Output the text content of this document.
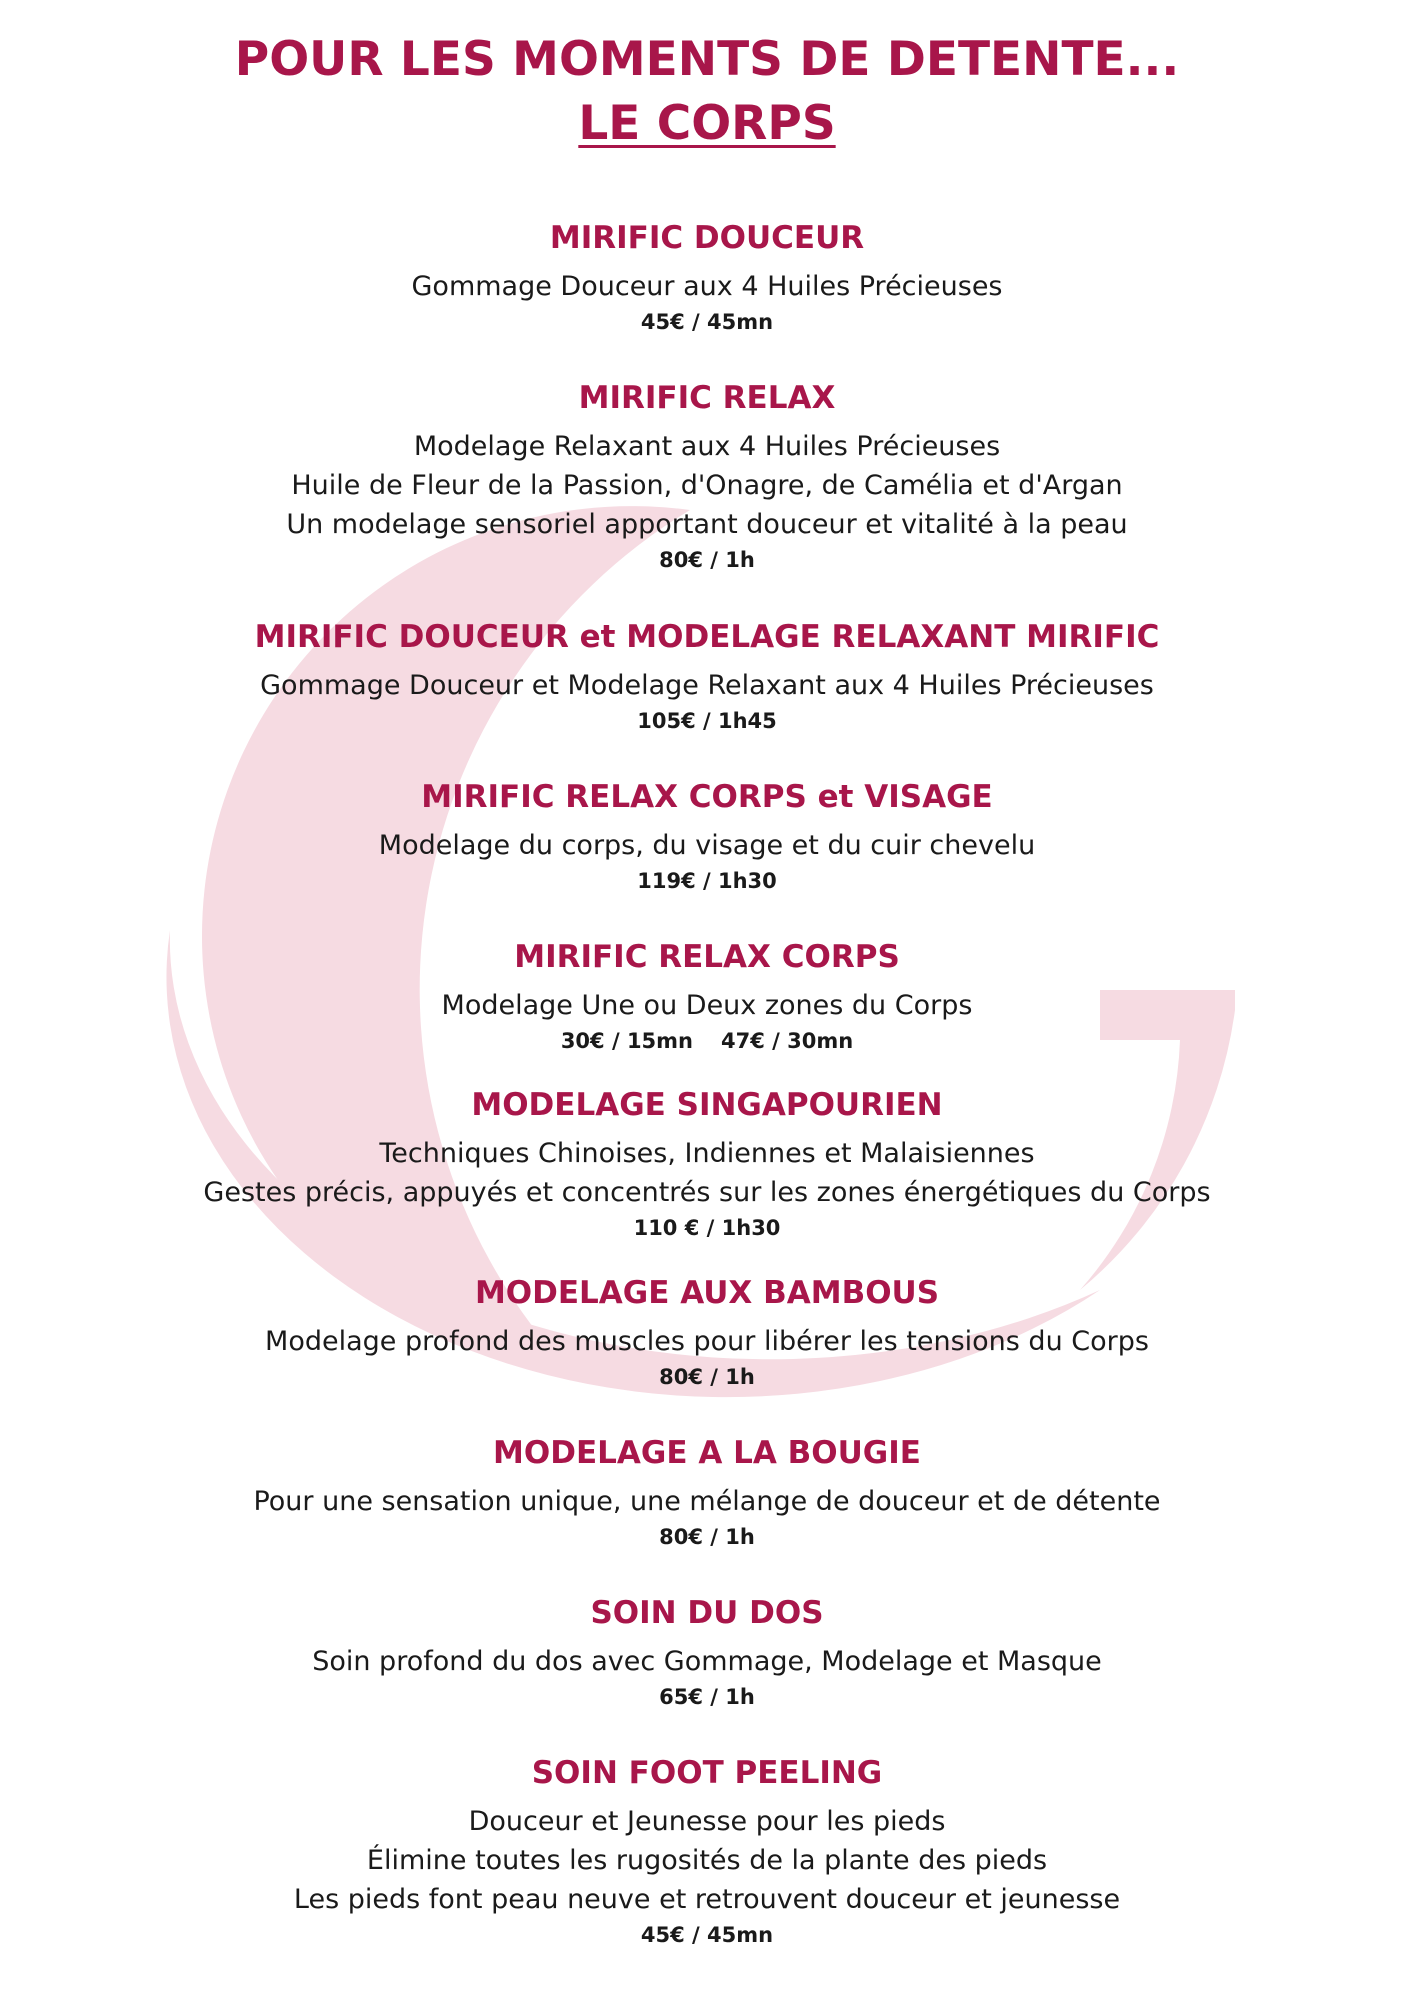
POUR LES MOMENTS DE DETENTE...
LE CORPS
MIRIFIC DOUCEUR
Gommage Douceur aux 4 Huiles Précieuses
45€ / 45mn
MIRIFIC RELAX
Modelage Relaxant aux 4 Huiles Précieuses
Huile de Fleur de la Passion, d'Onagre, de Camélia et d'Argan
Un modelage sensoriel apportant douceur et vitalité à la peau
80€ / 1h
MIRIFIC DOUCEUR et MODELAGE RELAXANT MIRIFIC
Gommage Douceur et Modelage Relaxant aux 4 Huiles Précieuses
105€ / 1h45
MIRIFIC RELAX CORPS et VISAGE
Modelage du corps, du visage et du cuir chevelu
119€ / 1h30
MIRIFIC RELAX CORPS
Modelage Une ou Deux zones du Corps
30€ / 15mn 47€ / 30mn
MODELAGE SINGAPOURIEN
Techniques Chinoises, Indiennes et Malaisiennes
Gestes précis, appuyés et concentrés sur les zones énergétiques du Corps
110 € / 1h30
MODELAGE AUX BAMBOUS
Modelage profond des muscles pour libérer les tensions du Corps
80€ / 1h
MODELAGE A LA BOUGIE
Pour une sensation unique, une mélange de douceur et de détente
80€ / 1h
SOIN DU DOS
Soin profond du dos avec Gommage, Modelage et Masque
65€ / 1h
SOIN FOOT PEELING
Douceur et Jeunesse pour les pieds
Élimine toutes les rugosités de la plante des pieds
Les pieds font peau neuve et retrouvent douceur et jeunesse
45€ / 45mn
